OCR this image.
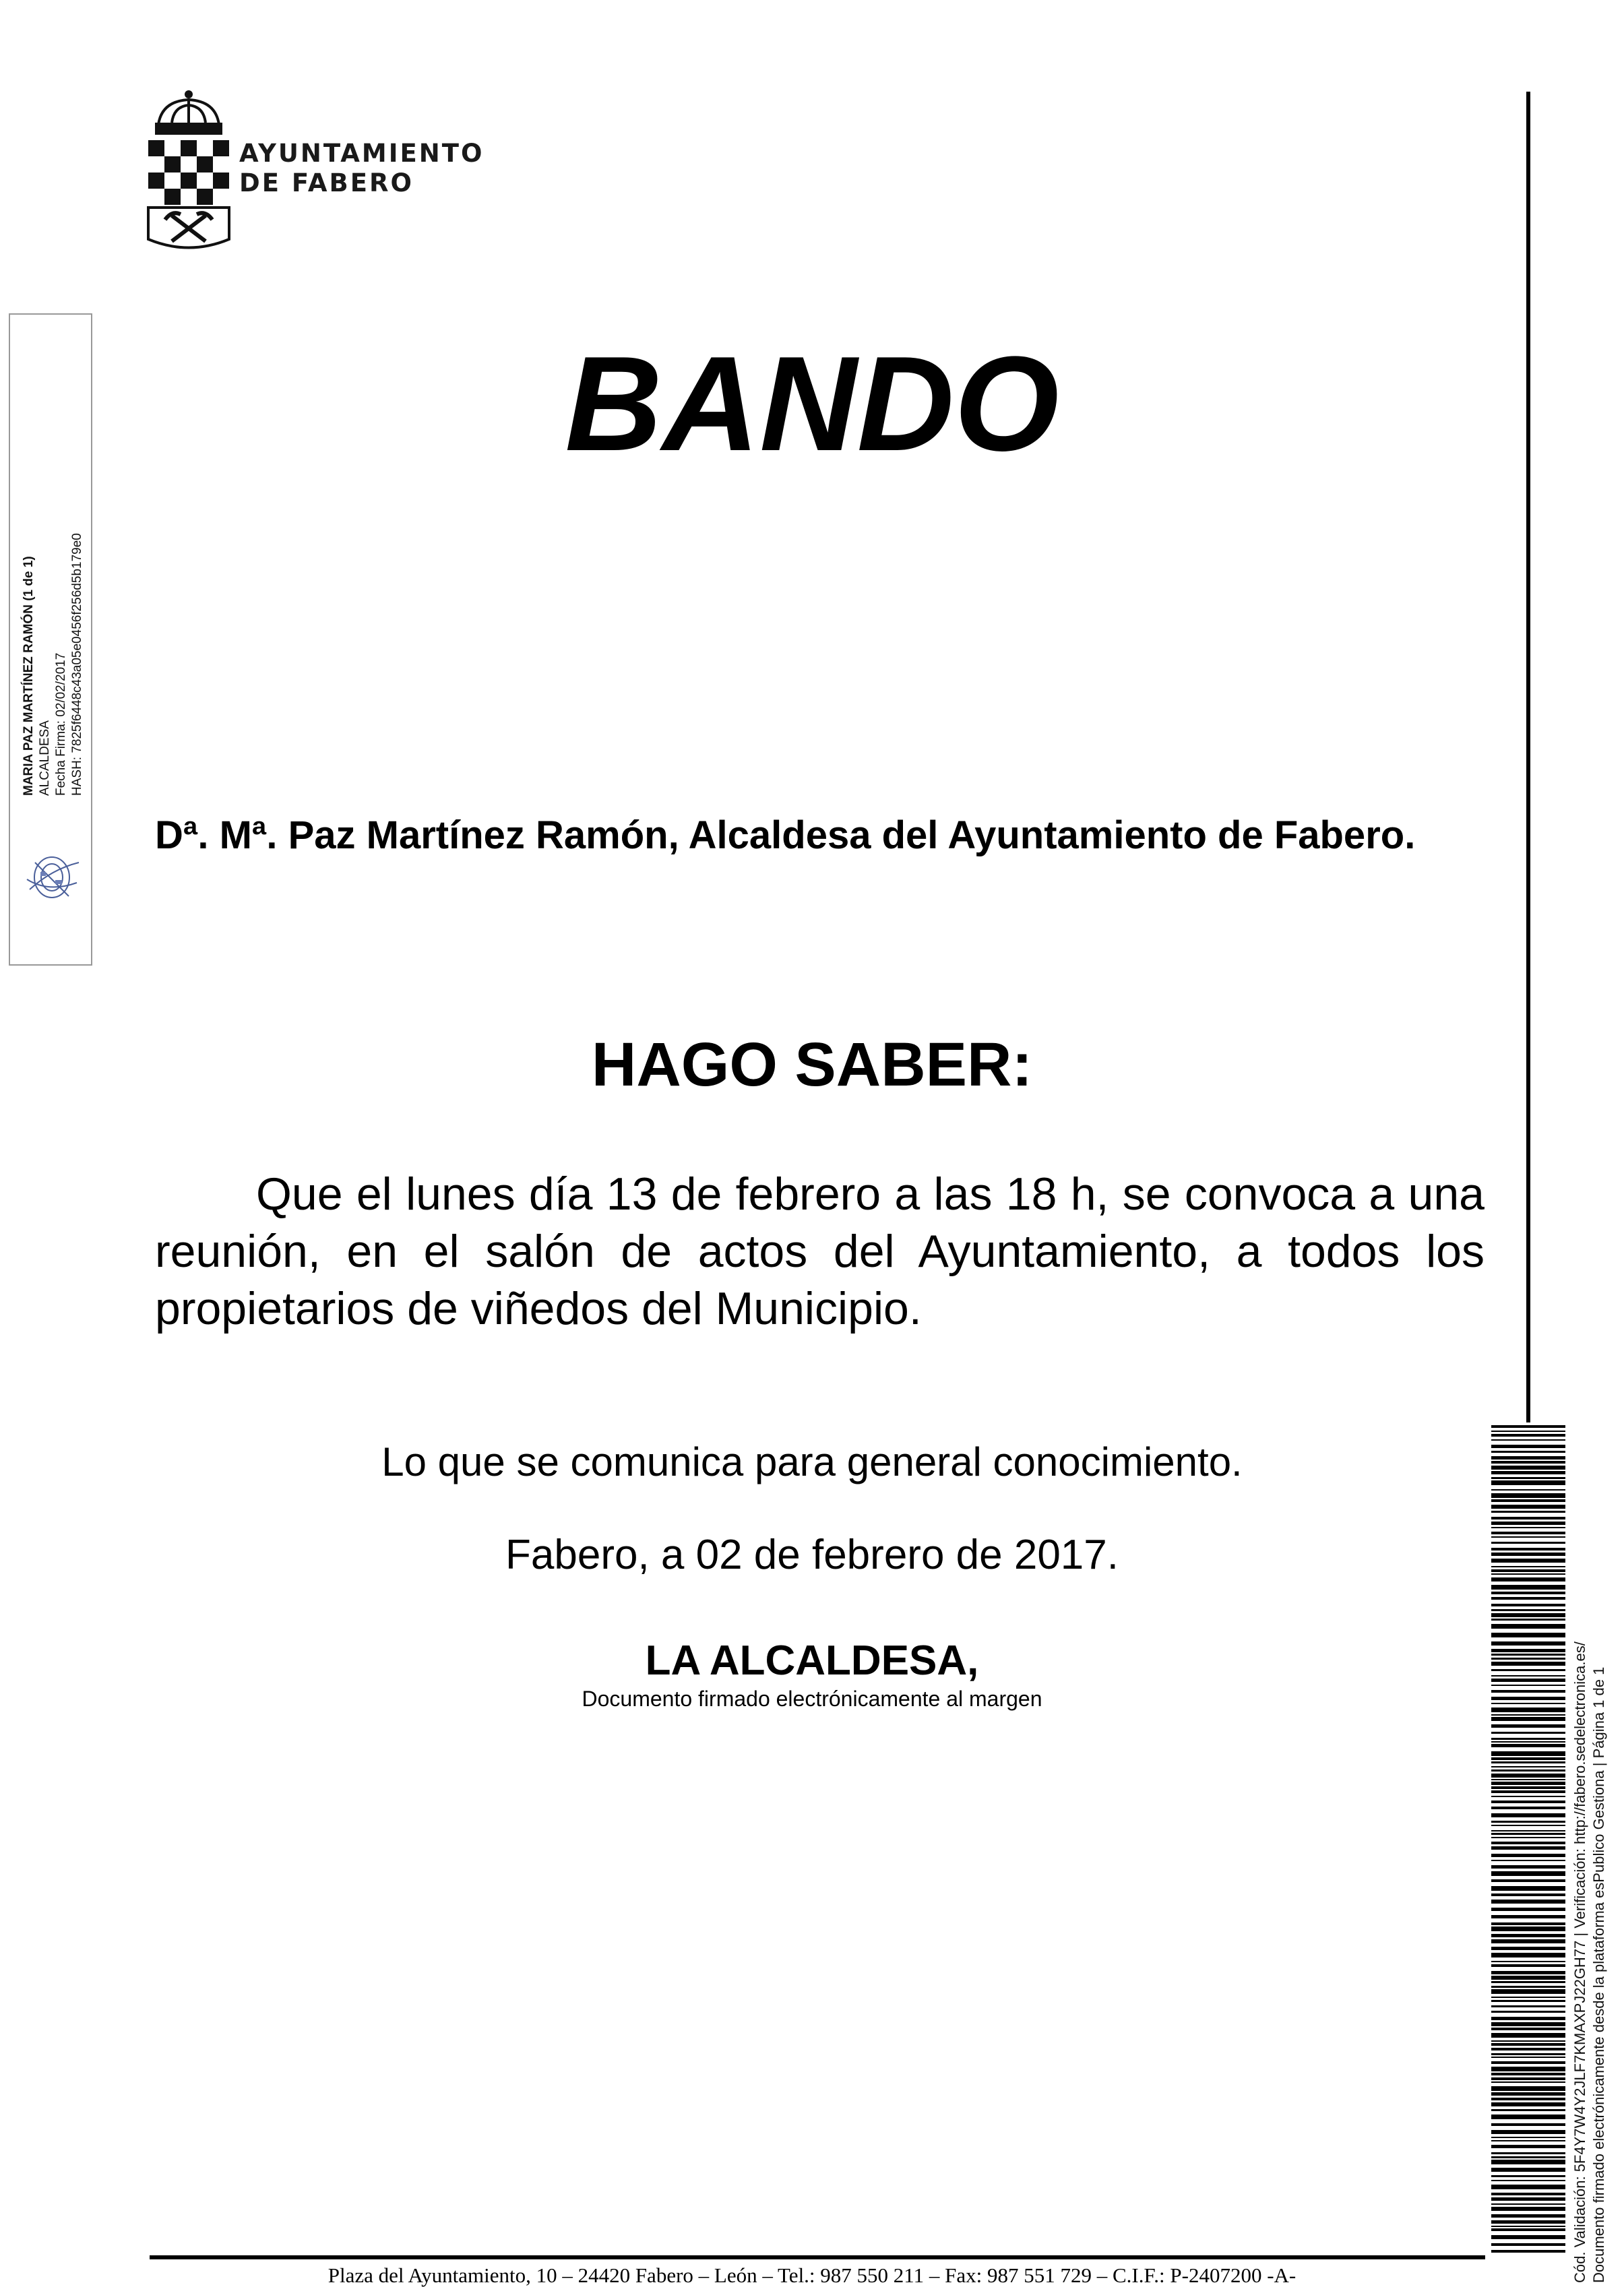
AYUNTAMIENTO
DE FABERO
MARIA PAZ MARTÍNEZ RAMÓN (1 de 1) ALCALDESA Fecha Firma: 02/02/2017 HASH: 7825f6448c43a05e0456f256d5b179e0
Cód. Validación: 5F4Y7W4Y2JLF7KMAXPJ22GH77 | Verificación: http://fabero.sedelectronica.es/ Documento firmado electrónicamente desde la plataforma esPublico Gestiona | Página 1 de 1
BANDO
Dª. Mª. Paz Martínez Ramón, Alcaldesa del Ayuntamiento de Fabero.
HAGO SABER:
Que el lunes día 13 de febrero a las 18 h, se convoca a una reunión, en el salón de actos del Ayuntamiento, a todos los propietarios de viñedos del Municipio.
Lo que se comunica para general conocimiento.
Fabero, a 02 de febrero de 2017.
LA ALCALDESA,
Documento firmado electrónicamente al margen
Plaza del Ayuntamiento, 10 – 24420 Fabero – León – Tel.: 987 550 211 – Fax: 987 551 729 – C.I.F.: P-2407200 -A-
